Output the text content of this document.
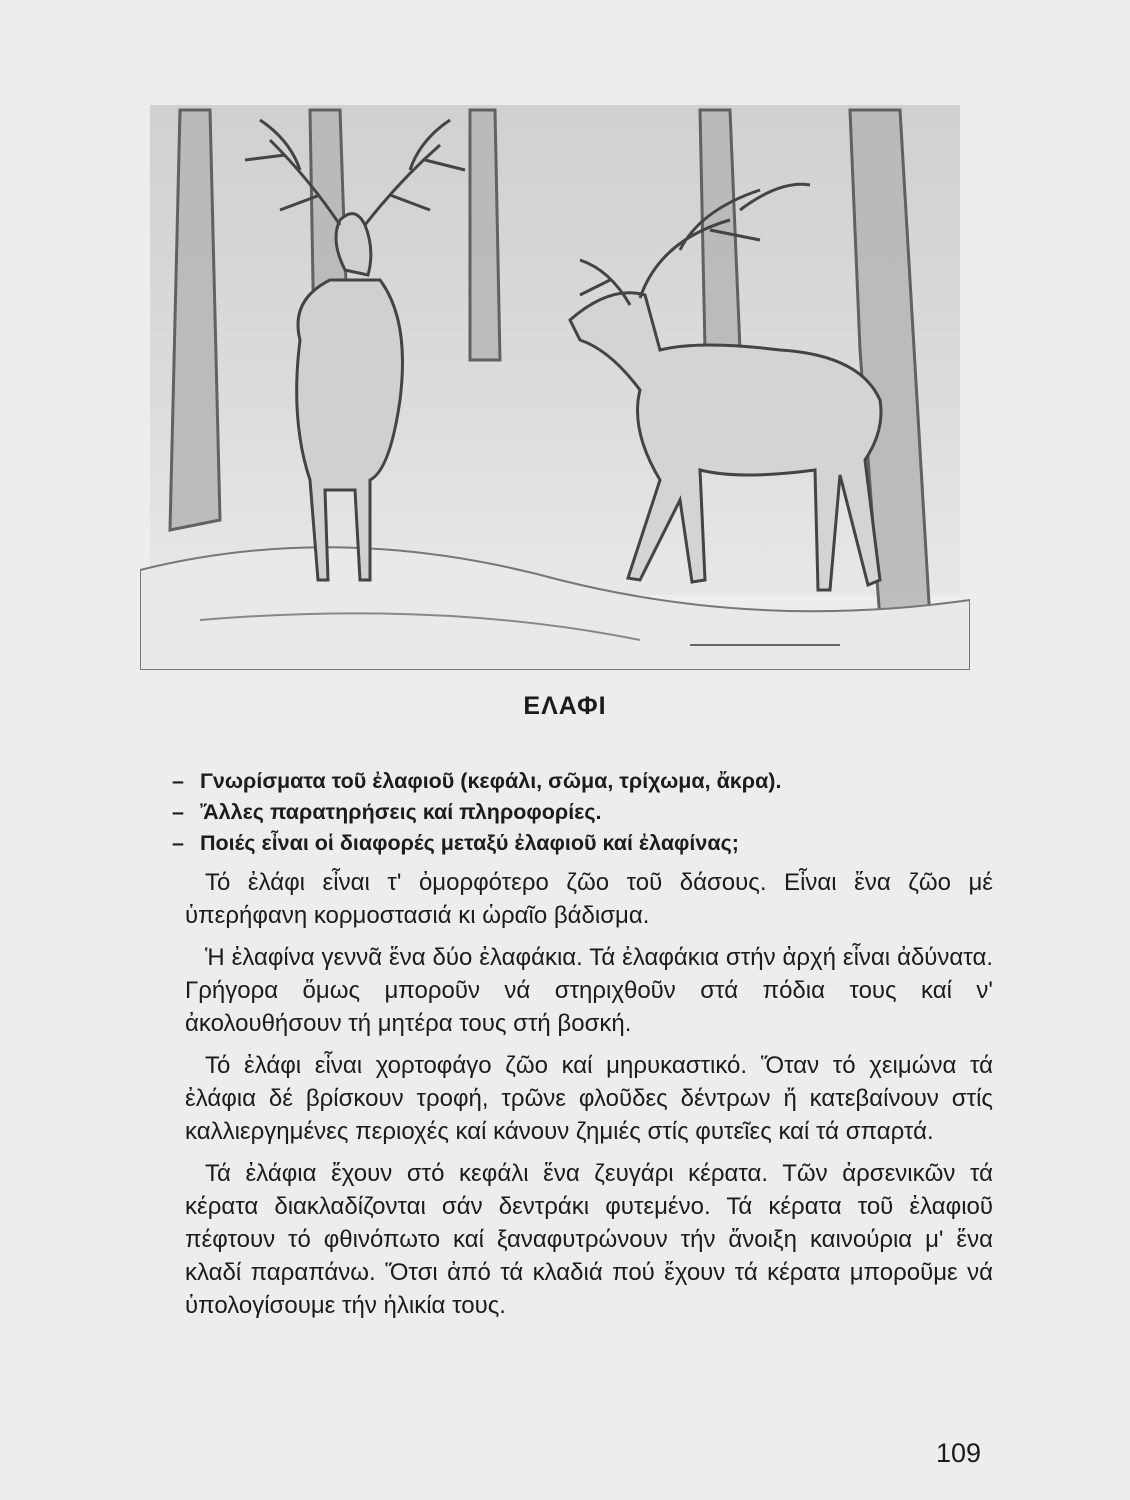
ΕΛΑΦΙ
– Γνωρίσματα τοῦ ἐλαφιοῦ (κεφάλι, σῶμα, τρίχωμα, ἄκρα).
– Ἄλλες παρατηρήσεις καί πληροφορίες.
– Ποιές εἶναι οἱ διαφορές μεταξύ ἐλαφιοῦ καί ἐλαφίνας;

Τό ἐλάφι εἶναι τ' ὀμορφότερο ζῶο τοῦ δάσους. Εἶναι ἕνα ζῶο μέ ὑπερήφανη κορμοστασιά κι ὡραῖο βάδισμα.

Ἡ ἐλαφίνα γεννᾶ ἕνα δύο ἐλαφάκια. Τά ἐλαφάκια στήν ἀρχή εἶναι ἀδύνατα. Γρήγορα ὅμως μποροῦν νά στηριχθοῦν στά πόδια τους καί ν' ἀκολουθήσουν τή μητέρα τους στή βοσκή.

Τό ἐλάφι εἶναι χορτοφάγο ζῶο καί μηρυκαστικό. Ὅταν τό χειμώνα τά ἐλάφια δέ βρίσκουν τροφή, τρῶνε φλοῦδες δέντρων ἤ κατεβαίνουν στίς καλλιεργημένες περιοχές καί κάνουν ζημιές στίς φυτεῖες καί τά σπαρτά.

Τά ἐλάφια ἔχουν στό κεφάλι ἕνα ζευγάρι κέρατα. Τῶν ἀρσενικῶν τά κέρατα διακλαδίζονται σάν δεντράκι φυτεμένο. Τά κέρατα τοῦ ἐλαφιοῦ πέφτουν τό φθινόπωτο καί ξαναφυτρώνουν τήν ἄνοιξη καινούρια μ' ἕνα κλαδί παραπάνω. Ὅτσι ἀπό τά κλαδιά πού ἔχουν τά κέρατα μποροῦμε νά ὑπολογίσουμε τήν ἡλικία τους.

109
